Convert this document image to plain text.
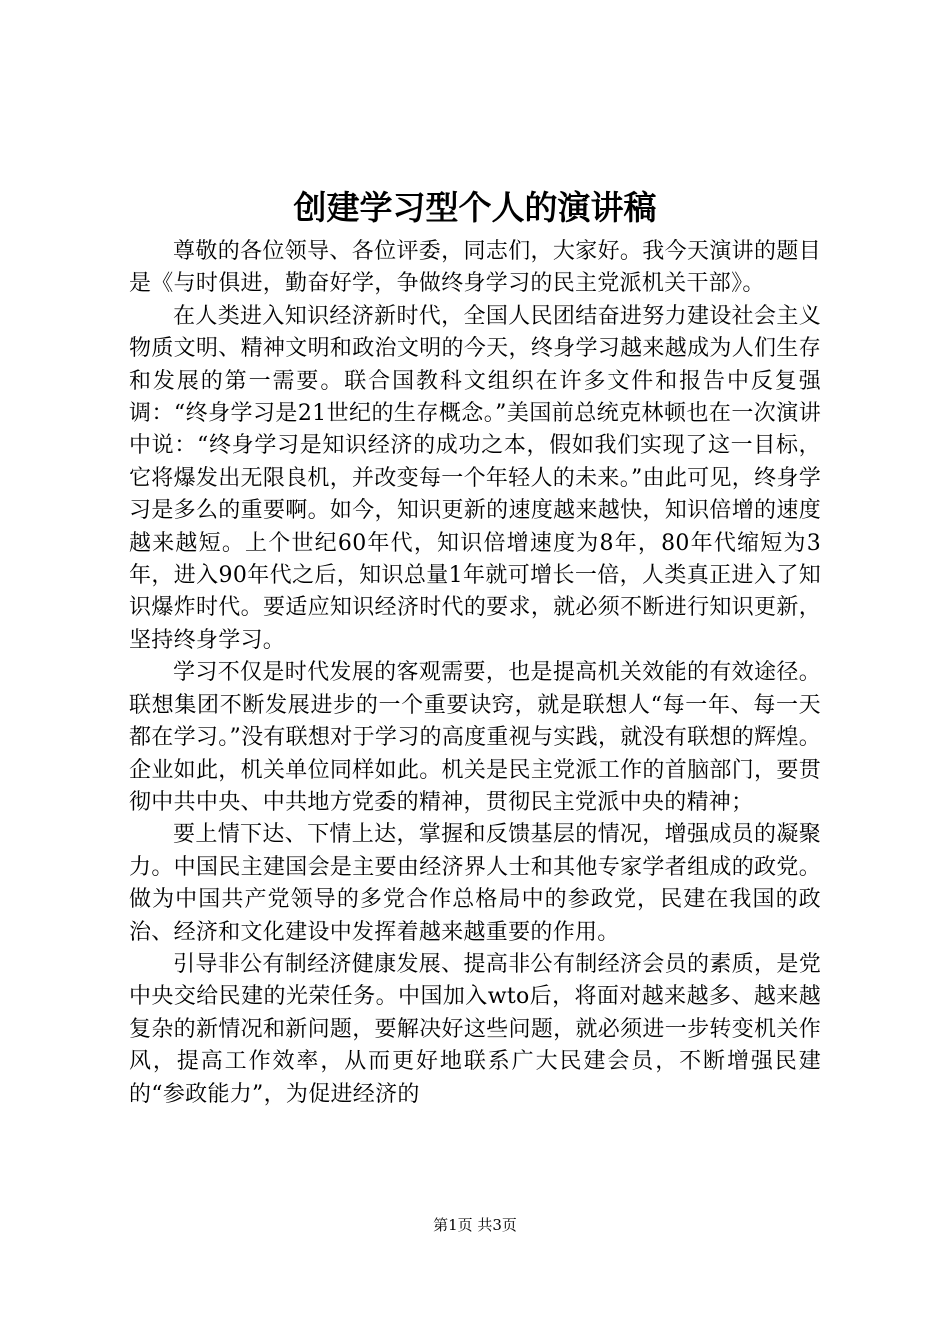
创建学习型个人的演讲稿

尊敬的各位领导、各位评委，同志们，大家好。我今天演讲的题目是《与时俱进，勤奋好学，争做终身学习的民主党派机关干部》。

在人类进入知识经济新时代，全国人民团结奋进努力建设社会主义物质文明、精神文明和政治文明的今天，终身学习越来越成为人们生存和发展的第一需要。联合国教科文组织在许多文件和报告中反复强调：“终身学习是21世纪的生存概念。”美国前总统克林顿也在一次演讲中说：“终身学习是知识经济的成功之本，假如我们实现了这一目标，它将爆发出无限良机，并改变每一个年轻人的未来。”由此可见，终身学习是多么的重要啊。如今，知识更新的速度越来越快，知识倍增的速度越来越短。上个世纪60年代，知识倍增速度为8年，80年代缩短为3年，进入90年代之后，知识总量1年就可增长一倍，人类真正进入了知识爆炸时代。要适应知识经济时代的要求，就必须不断进行知识更新，坚持终身学习。

学习不仅是时代发展的客观需要，也是提高机关效能的有效途径。联想集团不断发展进步的一个重要诀窍，就是联想人“每一年、每一天都在学习。”没有联想对于学习的高度重视与实践，就没有联想的辉煌。企业如此，机关单位同样如此。机关是民主党派工作的首脑部门，要贯彻中共中央、中共地方党委的精神，贯彻民主党派中央的精神；

要上情下达、下情上达，掌握和反馈基层的情况，增强成员的凝聚力。中国民主建国会是主要由经济界人士和其他专家学者组成的政党。做为中国共产党领导的多党合作总格局中的参政党，民建在我国的政治、经济和文化建设中发挥着越来越重要的作用。

引导非公有制经济健康发展、提高非公有制经济会员的素质，是党中央交给民建的光荣任务。中国加入wto后，将面对越来越多、越来越复杂的新情况和新问题，要解决好这些问题，就必须进一步转变机关作风，提高工作效率，从而更好地联系广大民建会员，不断增强民建的“参政能力”，为促进经济的

第1页 共3页
